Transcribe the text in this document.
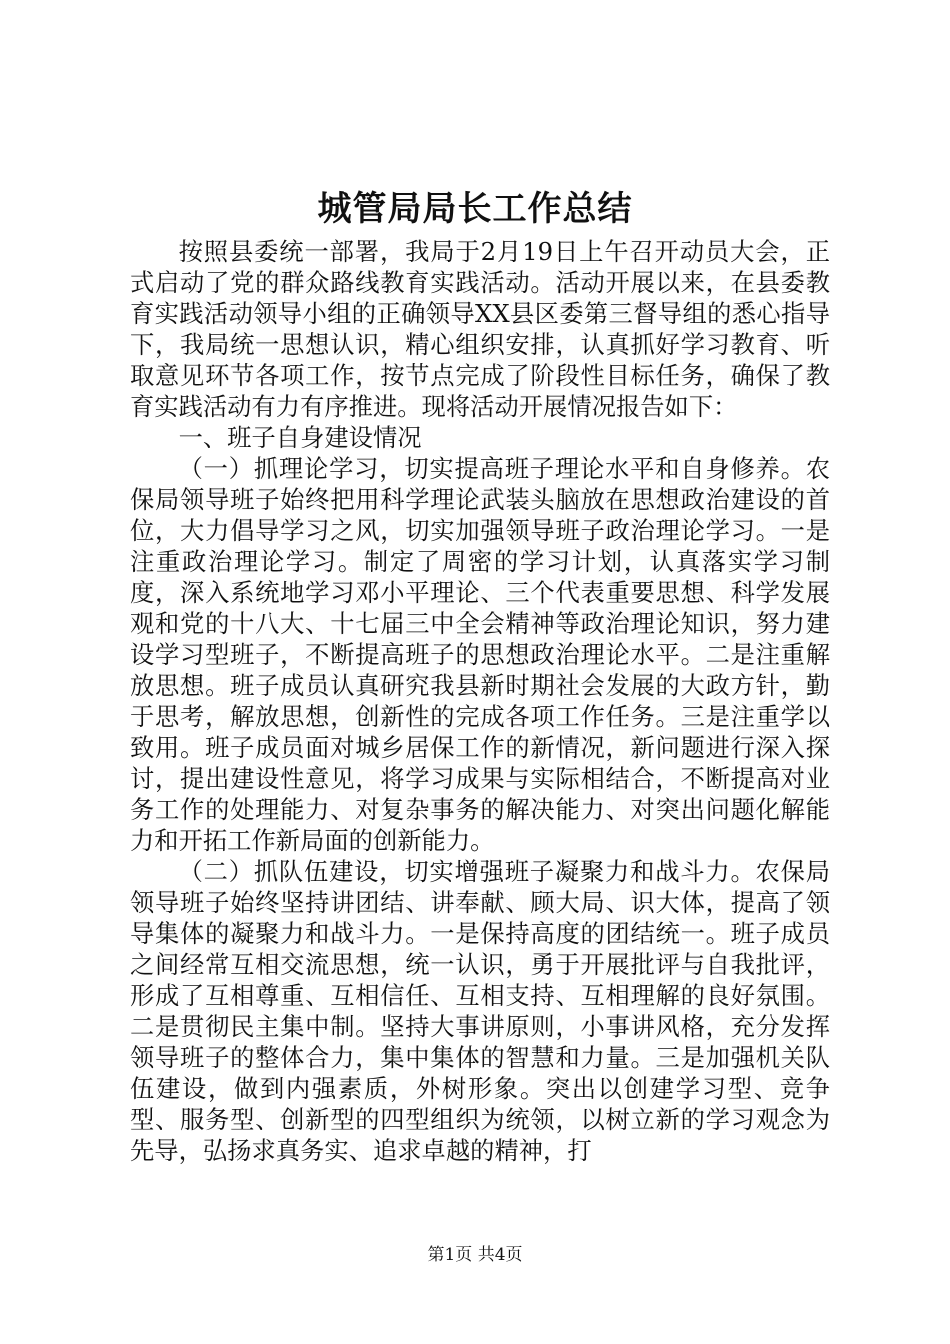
城管局局长工作总结

按照县委统一部署，我局于2月19日上午召开动员大会，正式启动了党的群众路线教育实践活动。活动开展以来，在县委教育实践活动领导小组的正确领导XX县区委第三督导组的悉心指导下，我局统一思想认识，精心组织安排，认真抓好学习教育、听取意见环节各项工作，按节点完成了阶段性目标任务，确保了教育实践活动有力有序推进。现将活动开展情况报告如下：

一、班子自身建设情况

（一）抓理论学习，切实提高班子理论水平和自身修养。农保局领导班子始终把用科学理论武装头脑放在思想政治建设的首位，大力倡导学习之风，切实加强领导班子政治理论学习。一是注重政治理论学习。制定了周密的学习计划，认真落实学习制度，深入系统地学习邓小平理论、三个代表重要思想、科学发展观和党的十八大、十七届三中全会精神等政治理论知识，努力建设学习型班子，不断提高班子的思想政治理论水平。二是注重解放思想。班子成员认真研究我县新时期社会发展的大政方针，勤于思考，解放思想，创新性的完成各项工作任务。三是注重学以致用。班子成员面对城乡居保工作的新情况，新问题进行深入探讨，提出建设性意见，将学习成果与实际相结合，不断提高对业务工作的处理能力、对复杂事务的解决能力、对突出问题化解能力和开拓工作新局面的创新能力。

（二）抓队伍建设，切实增强班子凝聚力和战斗力。农保局领导班子始终坚持讲团结、讲奉献、顾大局、识大体，提高了领导集体的凝聚力和战斗力。一是保持高度的团结统一。班子成员之间经常互相交流思想，统一认识，勇于开展批评与自我批评，形成了互相尊重、互相信任、互相支持、互相理解的良好氛围。二是贯彻民主集中制。坚持大事讲原则，小事讲风格，充分发挥领导班子的整体合力，集中集体的智慧和力量。三是加强机关队伍建设，做到内强素质，外树形象。突出以创建学习型、竞争型、服务型、创新型的四型组织为统领，以树立新的学习观念为先导，弘扬求真务实、追求卓越的精神，打

第1页 共4页
